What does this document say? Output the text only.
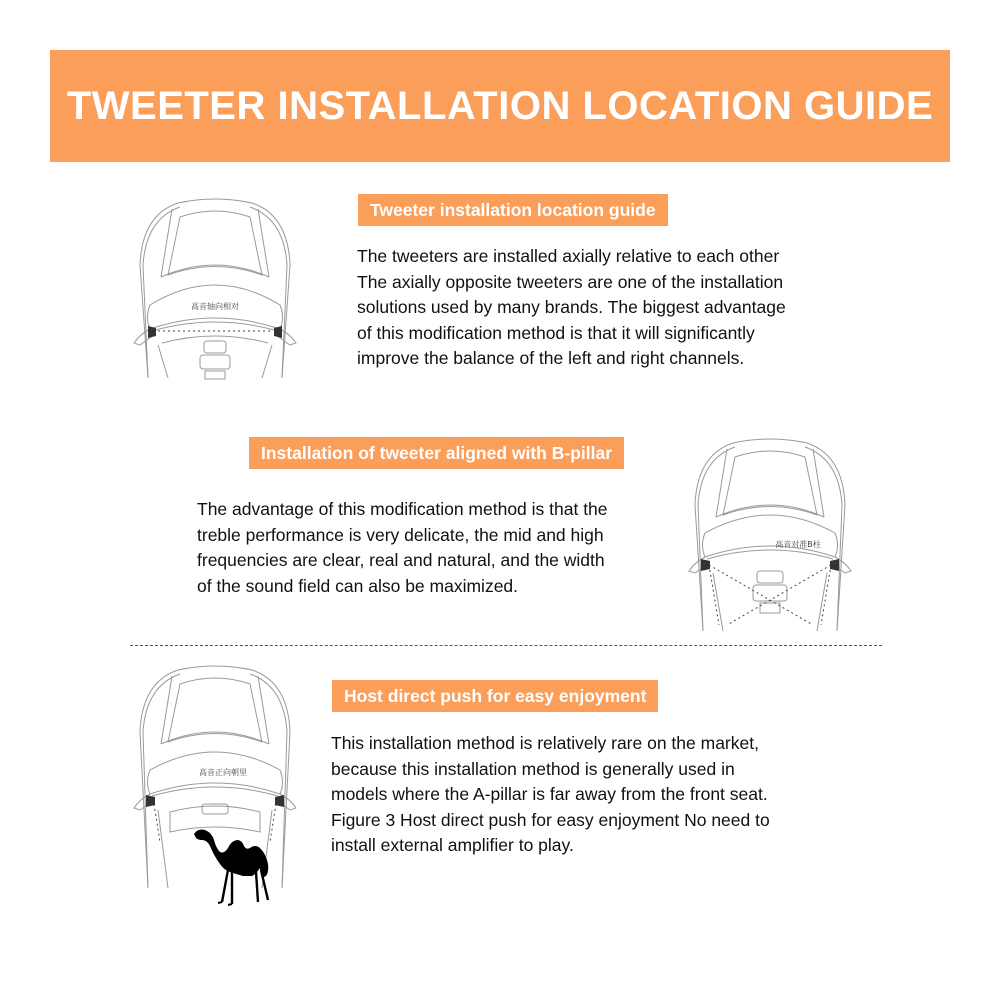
TWEETER INSTALLATION LOCATION GUIDE
高音轴向相对
Tweeter installation location guide

The tweeters are installed axially relative to each other

The axially opposite tweeters are one of the installation

solutions used by many brands. The biggest advantage

of this modification method is that it will significantly

improve the balance of the left and right channels.

Installation of tweeter aligned with B-pillar

The advantage of this modification method is that the

treble performance is very delicate, the mid and high

frequencies are clear, real and natural, and the width

of the sound field can also be maximized.

高音对准B柱
高音正向朝里
Host direct push for easy enjoyment

This installation method is relatively rare on the market,

because this installation method is generally used in

models where the A-pillar is far away from the front seat.

Figure 3 Host direct push for easy enjoyment No need to

install external amplifier to play.
